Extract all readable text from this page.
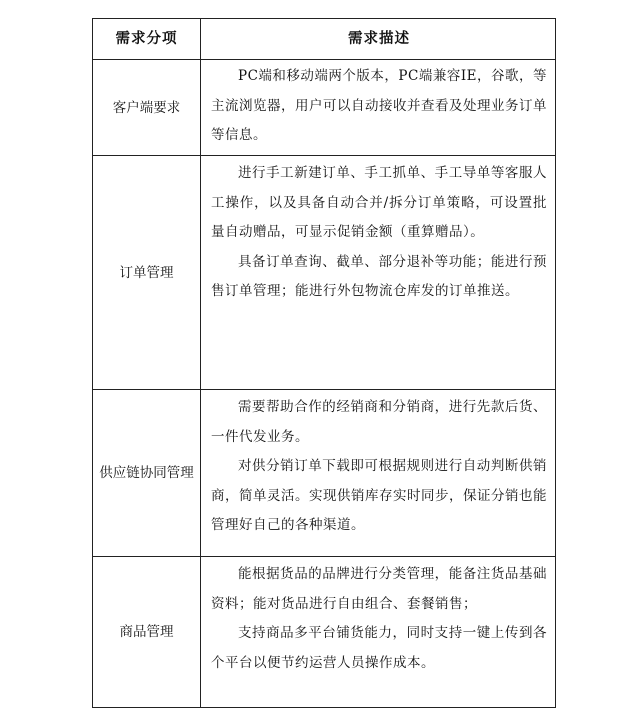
需求分项	需求描述
客户端要求

PC端和移动端两个版本，PC端兼容IE，谷歌，等主流浏览器，用户可以自动接收并查看及处理业务订单等信息。

订单管理

进行手工新建订单、手工抓单、手工导单等客服人工操作，以及具备自动合并/拆分订单策略，可设置批量自动赠品，可显示促销金额（重算赠品）。

具备订单查询、截单、部分退补等功能；能进行预售订单管理；能进行外包物流仓库发的订单推送。

供应链协同管理

需要帮助合作的经销商和分销商，进行先款后货、一件代发业务。

对供分销订单下载即可根据规则进行自动判断供销商，简单灵活。实现供销库存实时同步，保证分销也能管理好自己的各种渠道。

商品管理

能根据货品的品牌进行分类管理，能备注货品基础资料；能对货品进行自由组合、套餐销售；

支持商品多平台铺货能力，同时支持一键上传到各个平台以便节约运营人员操作成本。
